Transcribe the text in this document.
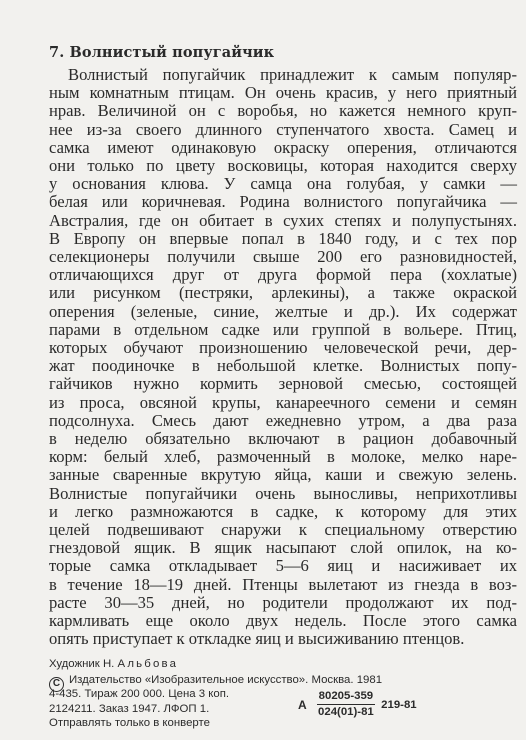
7. Волнистый попугайчик
Волнистый попугайчик принадлежит к самым популяр-
ным комнатным птицам. Он очень красив, у него приятный
нрав. Величиной он с воробья, но кажется немного круп-
нее из-за своего длинного ступенчатого хвоста. Самец и
самка имеют одинаковую окраску оперения, отличаются
они только по цвету восковицы, которая находится сверху
у основания клюва. У самца она голубая, у самки —
белая или коричневая. Родина волнистого попугайчика —
Австралия, где он обитает в сухих степях и полупустынях.
В Европу он впервые попал в 1840 году, и с тех пор
селекционеры получили свыше 200 его разновидностей,
отличающихся друг от друга формой пера (хохлатые)
или рисунком (пестряки, арлекины), а также окраской
оперения (зеленые, синие, желтые и др.). Их содержат
парами в отдельном садке или группой в вольере. Птиц,
которых обучают произношению человеческой речи, дер-
жат поодиночке в небольшой клетке. Волнистых попу-
гайчиков нужно кормить зерновой смесью, состоящей
из проса, овсяной крупы, канареечного семени и семян
подсолнуха. Смесь дают ежедневно утром, а два раза
в неделю обязательно включают в рацион добавочный
корм: белый хлеб, размоченный в молоке, мелко наре-
занные сваренные вкрутую яйца, каши и свежую зелень.
Волнистые попугайчики очень выносливы, неприхотливы
и легко размножаются в садке, к которому для этих
целей подвешивают снаружи к специальному отверстию
гнездовой ящик. В ящик насыпают слой опилок, на ко-
торые самка откладывает 5—6 яиц и насиживает их
в течение 18—19 дней. Птенцы вылетают из гнезда в воз-
расте 30—35 дней, но родители продолжают их под-
кармливать еще около двух недель. После этого самка
опять приступает к откладке яиц и высиживанию птенцов.
Художник Н. Альбова
C Издательство «Изобразительное искусство». Москва. 1981
4-435. Тираж 200 000. Цена 3 коп.
2124211. Заказ 1947. ЛФОП 1.
Отправлять только в конверте
А $\frac{80205-359}{024(01)-81} 219-81$
